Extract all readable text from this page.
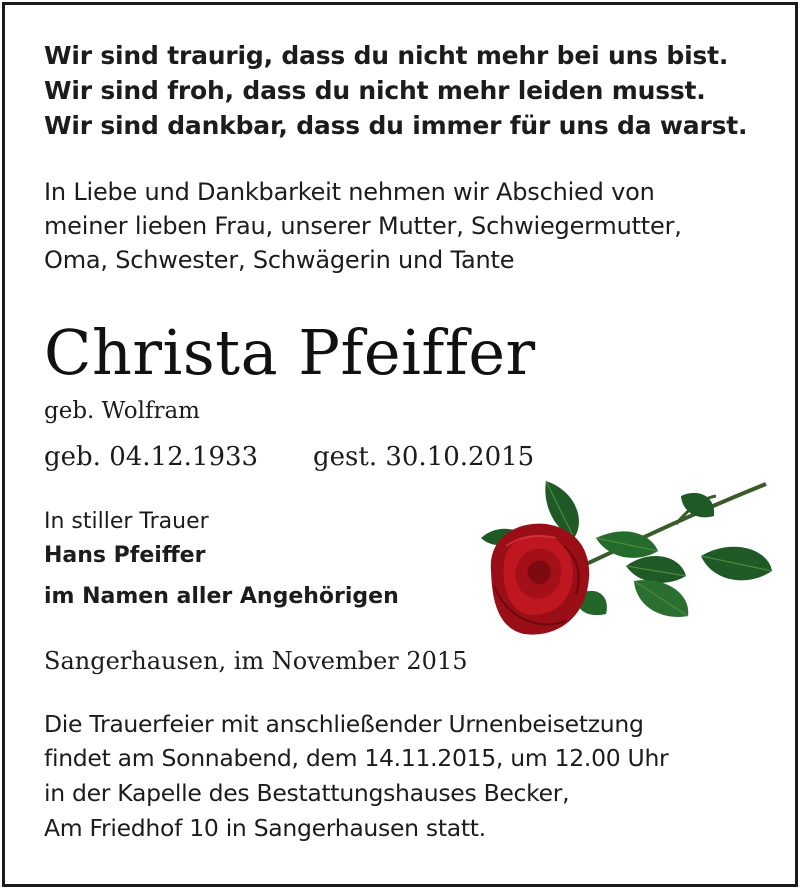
Wir sind traurig, dass du nicht mehr bei uns bist.
Wir sind froh, dass du nicht mehr leiden musst.
Wir sind dankbar, dass du immer für uns da warst.
In Liebe und Dankbarkeit nehmen wir Abschied von
meiner lieben Frau, unserer Mutter, Schwiegermutter,
Oma, Schwester, Schwägerin und Tante
Christa Pfeiffer
geb. Wolfram
geb. 04.12.1933 gest. 30.10.2015
In stiller Trauer
Hans Pfeiffer
im Namen aller Angehörigen
Sangerhausen, im November 2015
Die Trauerfeier mit anschließender Urnenbeisetzung
findet am Sonnabend, dem 14.11.2015, um 12.00 Uhr
in der Kapelle des Bestattungshauses Becker,
Am Friedhof 10 in Sangerhausen statt.
